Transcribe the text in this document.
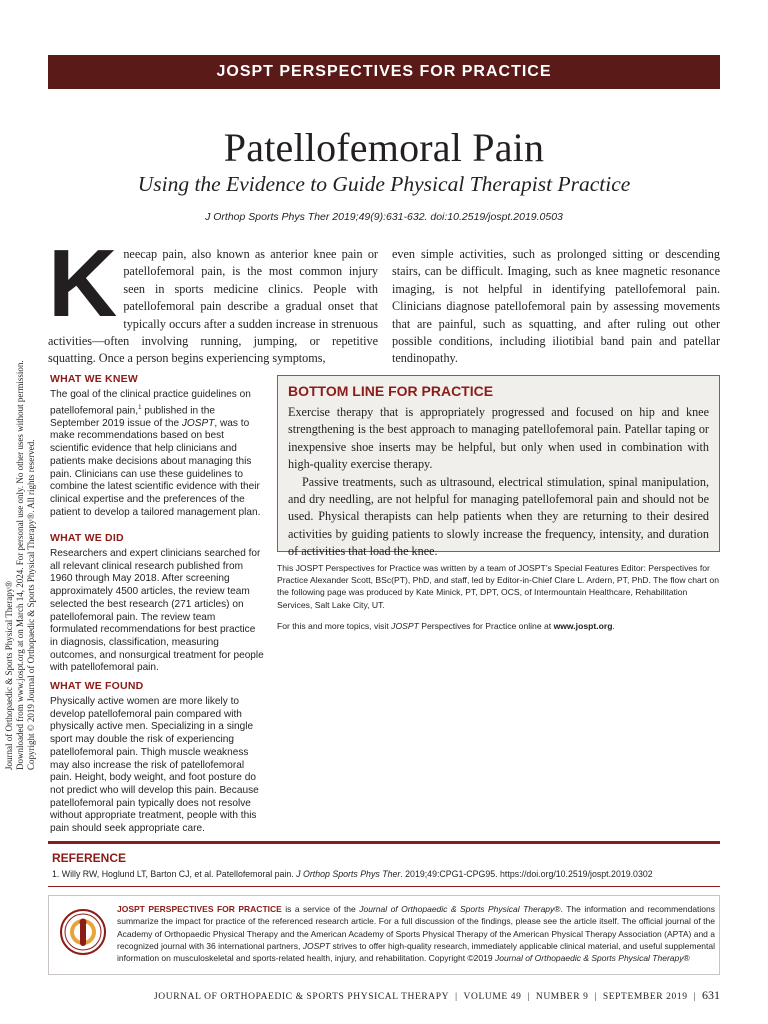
JOSPT PERSPECTIVES FOR PRACTICE
Patellofemoral Pain
Using the Evidence to Guide Physical Therapist Practice
J Orthop Sports Phys Ther 2019;49(9):631-632. doi:10.2519/jospt.2019.0503
Kneecap pain, also known as anterior knee pain or patellofemoral pain, is the most common injury seen in sports medicine clinics. People with patellofemoral pain describe a gradual onset that typically occurs after a sudden increase in strenuous activities—often involving running, jumping, or repetitive squatting. Once a person begins experiencing symptoms,
even simple activities, such as prolonged sitting or descending stairs, can be difficult. Imaging, such as knee magnetic resonance imaging, is not helpful in identifying patellofemoral pain. Clinicians diagnose patellofemoral pain by assessing movements that are painful, such as squatting, and after ruling out other possible conditions, including iliotibial band pain and patellar tendinopathy.
Journal of Orthopaedic & Sports Physical Therapy® Downloaded from www.jospt.org at on March 14, 2024. For personal use only. No other uses without permission. Copyright © 2019 Journal of Orthopaedic & Sports Physical Therapy®. All rights reserved.
WHAT WE KNEW
The goal of the clinical practice guidelines on patellofemoral pain,$^1$ published in the September 2019 issue of the JOSPT, was to make recommendations based on best scientific evidence that help clinicians and patients make decisions about managing this pain. Clinicians can use these guidelines to combine the latest scientific evidence with their clinical expertise and the preferences of the patient to develop a tailored management plan.
WHAT WE DID
Researchers and expert clinicians searched for all relevant clinical research published from 1960 through May 2018. After screening approximately 4500 articles, the review team selected the best research (271 articles) on patellofemoral pain. The review team formulated recommendations for best practice in diagnosis, classification, measuring outcomes, and nonsurgical treatment for people with patellofemoral pain.
WHAT WE FOUND
Physically active women are more likely to develop patellofemoral pain compared with physically active men. Specializing in a single sport may double the risk of experiencing patellofemoral pain. Thigh muscle weakness may also increase the risk of patellofemoral pain. Height, body weight, and foot posture do not predict who will develop this pain. Because patellofemoral pain typically does not resolve without appropriate treatment, people with this pain should seek appropriate care.
BOTTOM LINE FOR PRACTICE

Exercise therapy that is appropriately progressed and focused on hip and knee strengthening is the best approach to managing patellofemoral pain. Patellar taping or inexpensive shoe inserts may be helpful, but only when used in combination with high-quality exercise therapy.

Passive treatments, such as ultrasound, electrical stimulation, spinal manipulation, and dry needling, are not helpful for managing patellofemoral pain and should not be used. Physical therapists can help patients when they are returning to their desired activities by guiding patients to slowly increase the frequency, intensity, and duration of activities that load the knee.

This JOSPT Perspectives for Practice was written by a team of JOSPT’s Special Features Editor: Perspectives for Practice Alexander Scott, BSc(PT), PhD, and staff, led by Editor-in-Chief Clare L. Ardern, PT, PhD. The flow chart on the following page was produced by Kate Minick, PT, DPT, OCS, of Intermountain Healthcare, Rehabilitation Services, Salt Lake City, UT.
For this and more topics, visit JOSPT Perspectives for Practice online at www.jospt.org.
REFERENCE
1. Willy RW, Hoglund LT, Barton CJ, et al. Patellofemoral pain. J Orthop Sports Phys Ther. 2019;49:CPG1-CPG95. https://doi.org/10.2519/jospt.2019.0302
JOSPT PERSPECTIVES FOR PRACTICE is a service of the Journal of Orthopaedic & Sports Physical Therapy®. The information and recommendations summarize the impact for practice of the referenced research article. For a full discussion of the findings, please see the article itself. The official journal of the Academy of Orthopaedic Physical Therapy and the American Academy of Sports Physical Therapy of the American Physical Therapy Association (APTA) and a recognized journal with 36 international partners, JOSPT strives to offer high-quality research, immediately applicable clinical material, and useful supplemental information on musculoskeletal and sports-related health, injury, and rehabilitation. Copyright ©2019 Journal of Orthopaedic & Sports Physical Therapy®
JOURNAL OF ORTHOPAEDIC & SPORTS PHYSICAL THERAPY | VOLUME 49 | NUMBER 9 | SEPTEMBER 2019 | 631
